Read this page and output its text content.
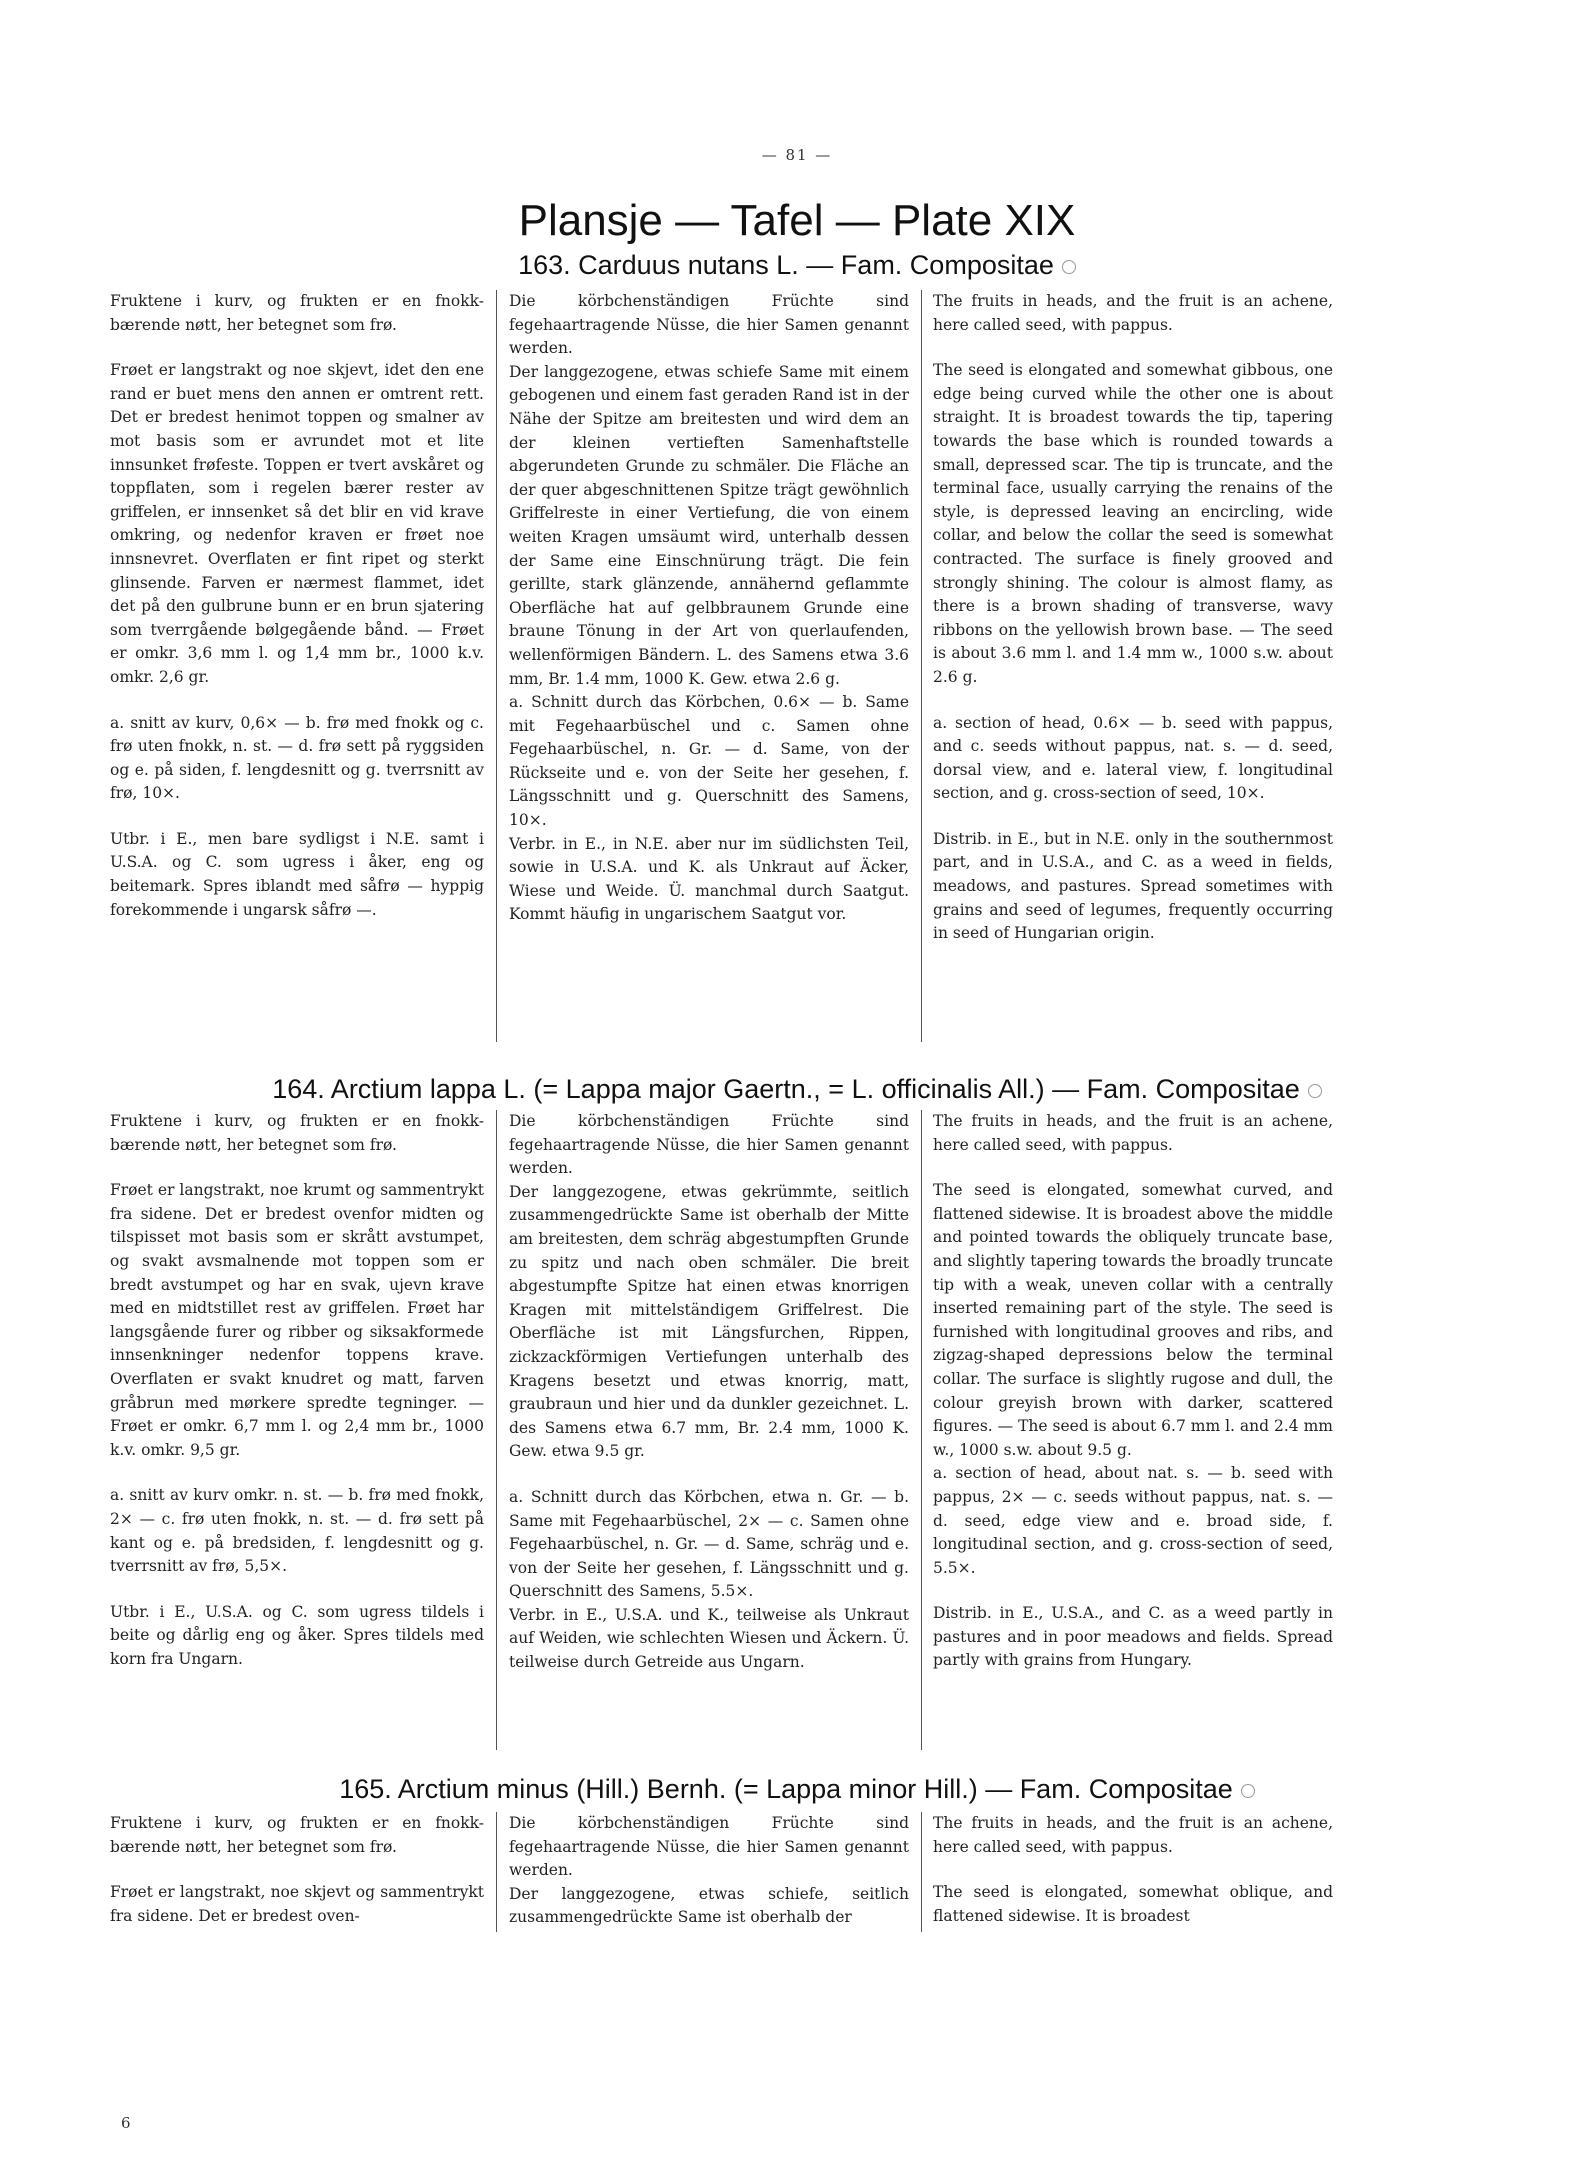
— 81 —
Plansje — Tafel — Plate XIX
163. Carduus nutans L. — Fam. Compositae

Fruktene i kurv, og frukten er en fnokk-bærende nøtt, her betegnet som frø.

Frøet er langstrakt og noe skjevt, idet den ene rand er buet mens den annen er omtrent rett. Det er bredest henimot toppen og smalner av mot basis som er avrundet mot et lite innsunket frøfeste. Toppen er tvert avskåret og toppflaten, som i regelen bærer rester av griffelen, er innsenket så det blir en vid krave omkring, og nedenfor kraven er frøet noe innsnevret. Overflaten er fint ripet og sterkt glinsende. Farven er nærmest flammet, idet det på den gulbrune bunn er en brun sjatering som tverrgående bølgegående bånd. — Frøet er omkr. 3,6 mm l. og 1,4 mm br., 1000 k.v. omkr. 2,6 gr.

a. snitt av kurv, 0,6× — b. frø med fnokk og c. frø uten fnokk, n. st. — d. frø sett på ryggsiden og e. på siden, f. lengdesnitt og g. tverrsnitt av frø, 10×.

Utbr. i E., men bare sydligst i N.E. samt i U.S.A. og C. som ugress i åker, eng og beitemark. Spres iblandt med såfrø — hyppig forekommende i ungarsk såfrø —.

Die körbchenständigen Früchte sind fegehaartragende Nüsse, die hier Samen genannt werden.

Der langgezogene, etwas schiefe Same mit einem gebogenen und einem fast geraden Rand ist in der Nähe der Spitze am breitesten und wird dem an der kleinen vertieften Samenhaftstelle abgerundeten Grunde zu schmäler. Die Fläche an der quer abgeschnittenen Spitze trägt gewöhnlich Griffelreste in einer Vertiefung, die von einem weiten Kragen umsäumt wird, unterhalb dessen der Same eine Einschnürung trägt. Die fein gerillte, stark glänzende, annähernd geflammte Oberfläche hat auf gelbbraunem Grunde eine braune Tönung in der Art von querlaufenden, wellenförmigen Bändern. L. des Samens etwa 3.6 mm, Br. 1.4 mm, 1000 K. Gew. etwa 2.6 g.

a. Schnitt durch das Körbchen, 0.6× — b. Same mit Fegehaarbüschel und c. Samen ohne Fegehaarbüschel, n. Gr. — d. Same, von der Rückseite und e. von der Seite her gesehen, f. Längsschnitt und g. Querschnitt des Samens, 10×.

Verbr. in E., in N.E. aber nur im südlichsten Teil, sowie in U.S.A. und K. als Unkraut auf Äcker, Wiese und Weide. Ü. manchmal durch Saatgut. Kommt häufig in ungarischem Saatgut vor.

The fruits in heads, and the fruit is an achene, here called seed, with pappus.

The seed is elongated and somewhat gibbous, one edge being curved while the other one is about straight. It is broadest towards the tip, tapering towards the base which is rounded towards a small, depressed scar. The tip is truncate, and the terminal face, usually carrying the renains of the style, is depressed leaving an encircling, wide collar, and below the collar the seed is somewhat contracted. The surface is finely grooved and strongly shining. The colour is almost flamy, as there is a brown shading of transverse, wavy ribbons on the yellowish brown base. — The seed is about 3.6 mm l. and 1.4 mm w., 1000 s.w. about 2.6 g.

a. section of head, 0.6× — b. seed with pappus, and c. seeds without pappus, nat. s. — d. seed, dorsal view, and e. lateral view, f. longitudinal section, and g. cross-section of seed, 10×.

Distrib. in E., but in N.E. only in the southernmost part, and in U.S.A., and C. as a weed in fields, meadows, and pastures. Spread sometimes with grains and seed of legumes, frequently occurring in seed of Hungarian origin.

164. Arctium lappa L. (= Lappa major Gaertn., = L. officinalis All.) — Fam. Compositae

Fruktene i kurv, og frukten er en fnokk-bærende nøtt, her betegnet som frø.

Frøet er langstrakt, noe krumt og sammentrykt fra sidene. Det er bredest ovenfor midten og tilspisset mot basis som er skrått avstumpet, og svakt avsmalnende mot toppen som er bredt avstumpet og har en svak, ujevn krave med en midtstillet rest av griffelen. Frøet har langsgående furer og ribber og siksakformede innsenkninger nedenfor toppens krave. Overflaten er svakt knudret og matt, farven gråbrun med mørkere spredte tegninger. — Frøet er omkr. 6,7 mm l. og 2,4 mm br., 1000 k.v. omkr. 9,5 gr.

a. snitt av kurv omkr. n. st. — b. frø med fnokk, 2× — c. frø uten fnokk, n. st. — d. frø sett på kant og e. på bredsiden, f. lengdesnitt og g. tverrsnitt av frø, 5,5×.

Utbr. i E., U.S.A. og C. som ugress tildels i beite og dårlig eng og åker. Spres tildels med korn fra Ungarn.

Die körbchenständigen Früchte sind fegehaartragende Nüsse, die hier Samen genannt werden.

Der langgezogene, etwas gekrümmte, seitlich zusammengedrückte Same ist oberhalb der Mitte am breitesten, dem schräg abgestumpften Grunde zu spitz und nach oben schmäler. Die breit abgestumpfte Spitze hat einen etwas knorrigen Kragen mit mittelständigem Griffelrest. Die Oberfläche ist mit Längsfurchen, Rippen, zickzackförmigen Vertiefungen unterhalb des Kragens besetzt und etwas knorrig, matt, graubraun und hier und da dunkler gezeichnet. L. des Samens etwa 6.7 mm, Br. 2.4 mm, 1000 K. Gew. etwa 9.5 gr.

a. Schnitt durch das Körbchen, etwa n. Gr. — b. Same mit Fegehaarbüschel, 2× — c. Samen ohne Fegehaarbüschel, n. Gr. — d. Same, schräg und e. von der Seite her gesehen, f. Längsschnitt und g. Querschnitt des Samens, 5.5×.

Verbr. in E., U.S.A. und K., teilweise als Unkraut auf Weiden, wie schlechten Wiesen und Äckern. Ü. teilweise durch Getreide aus Ungarn.

The fruits in heads, and the fruit is an achene, here called seed, with pappus.

The seed is elongated, somewhat curved, and flattened sidewise. It is broadest above the middle and pointed towards the obliquely truncate base, and slightly tapering towards the broadly truncate tip with a weak, uneven collar with a centrally inserted remaining part of the style. The seed is furnished with longitudinal grooves and ribs, and zigzag-shaped depressions below the terminal collar. The surface is slightly rugose and dull, the colour greyish brown with darker, scattered figures. — The seed is about 6.7 mm l. and 2.4 mm w., 1000 s.w. about 9.5 g.

a. section of head, about nat. s. — b. seed with pappus, 2× — c. seeds without pappus, nat. s. — d. seed, edge view and e. broad side, f. longitudinal section, and g. cross-section of seed, 5.5×.

Distrib. in E., U.S.A., and C. as a weed partly in pastures and in poor meadows and fields. Spread partly with grains from Hungary.

165. Arctium minus (Hill.) Bernh. (= Lappa minor Hill.) — Fam. Compositae

Fruktene i kurv, og frukten er en fnokk-bærende nøtt, her betegnet som frø.

Frøet er langstrakt, noe skjevt og sammentrykt fra sidene. Det er bredest oven-

Die körbchenständigen Früchte sind fegehaartragende Nüsse, die hier Samen genannt werden.

Der langgezogene, etwas schiefe, seitlich zusammengedrückte Same ist oberhalb der

The fruits in heads, and the fruit is an achene, here called seed, with pappus.

The seed is elongated, somewhat oblique, and flattened sidewise. It is broadest

6
